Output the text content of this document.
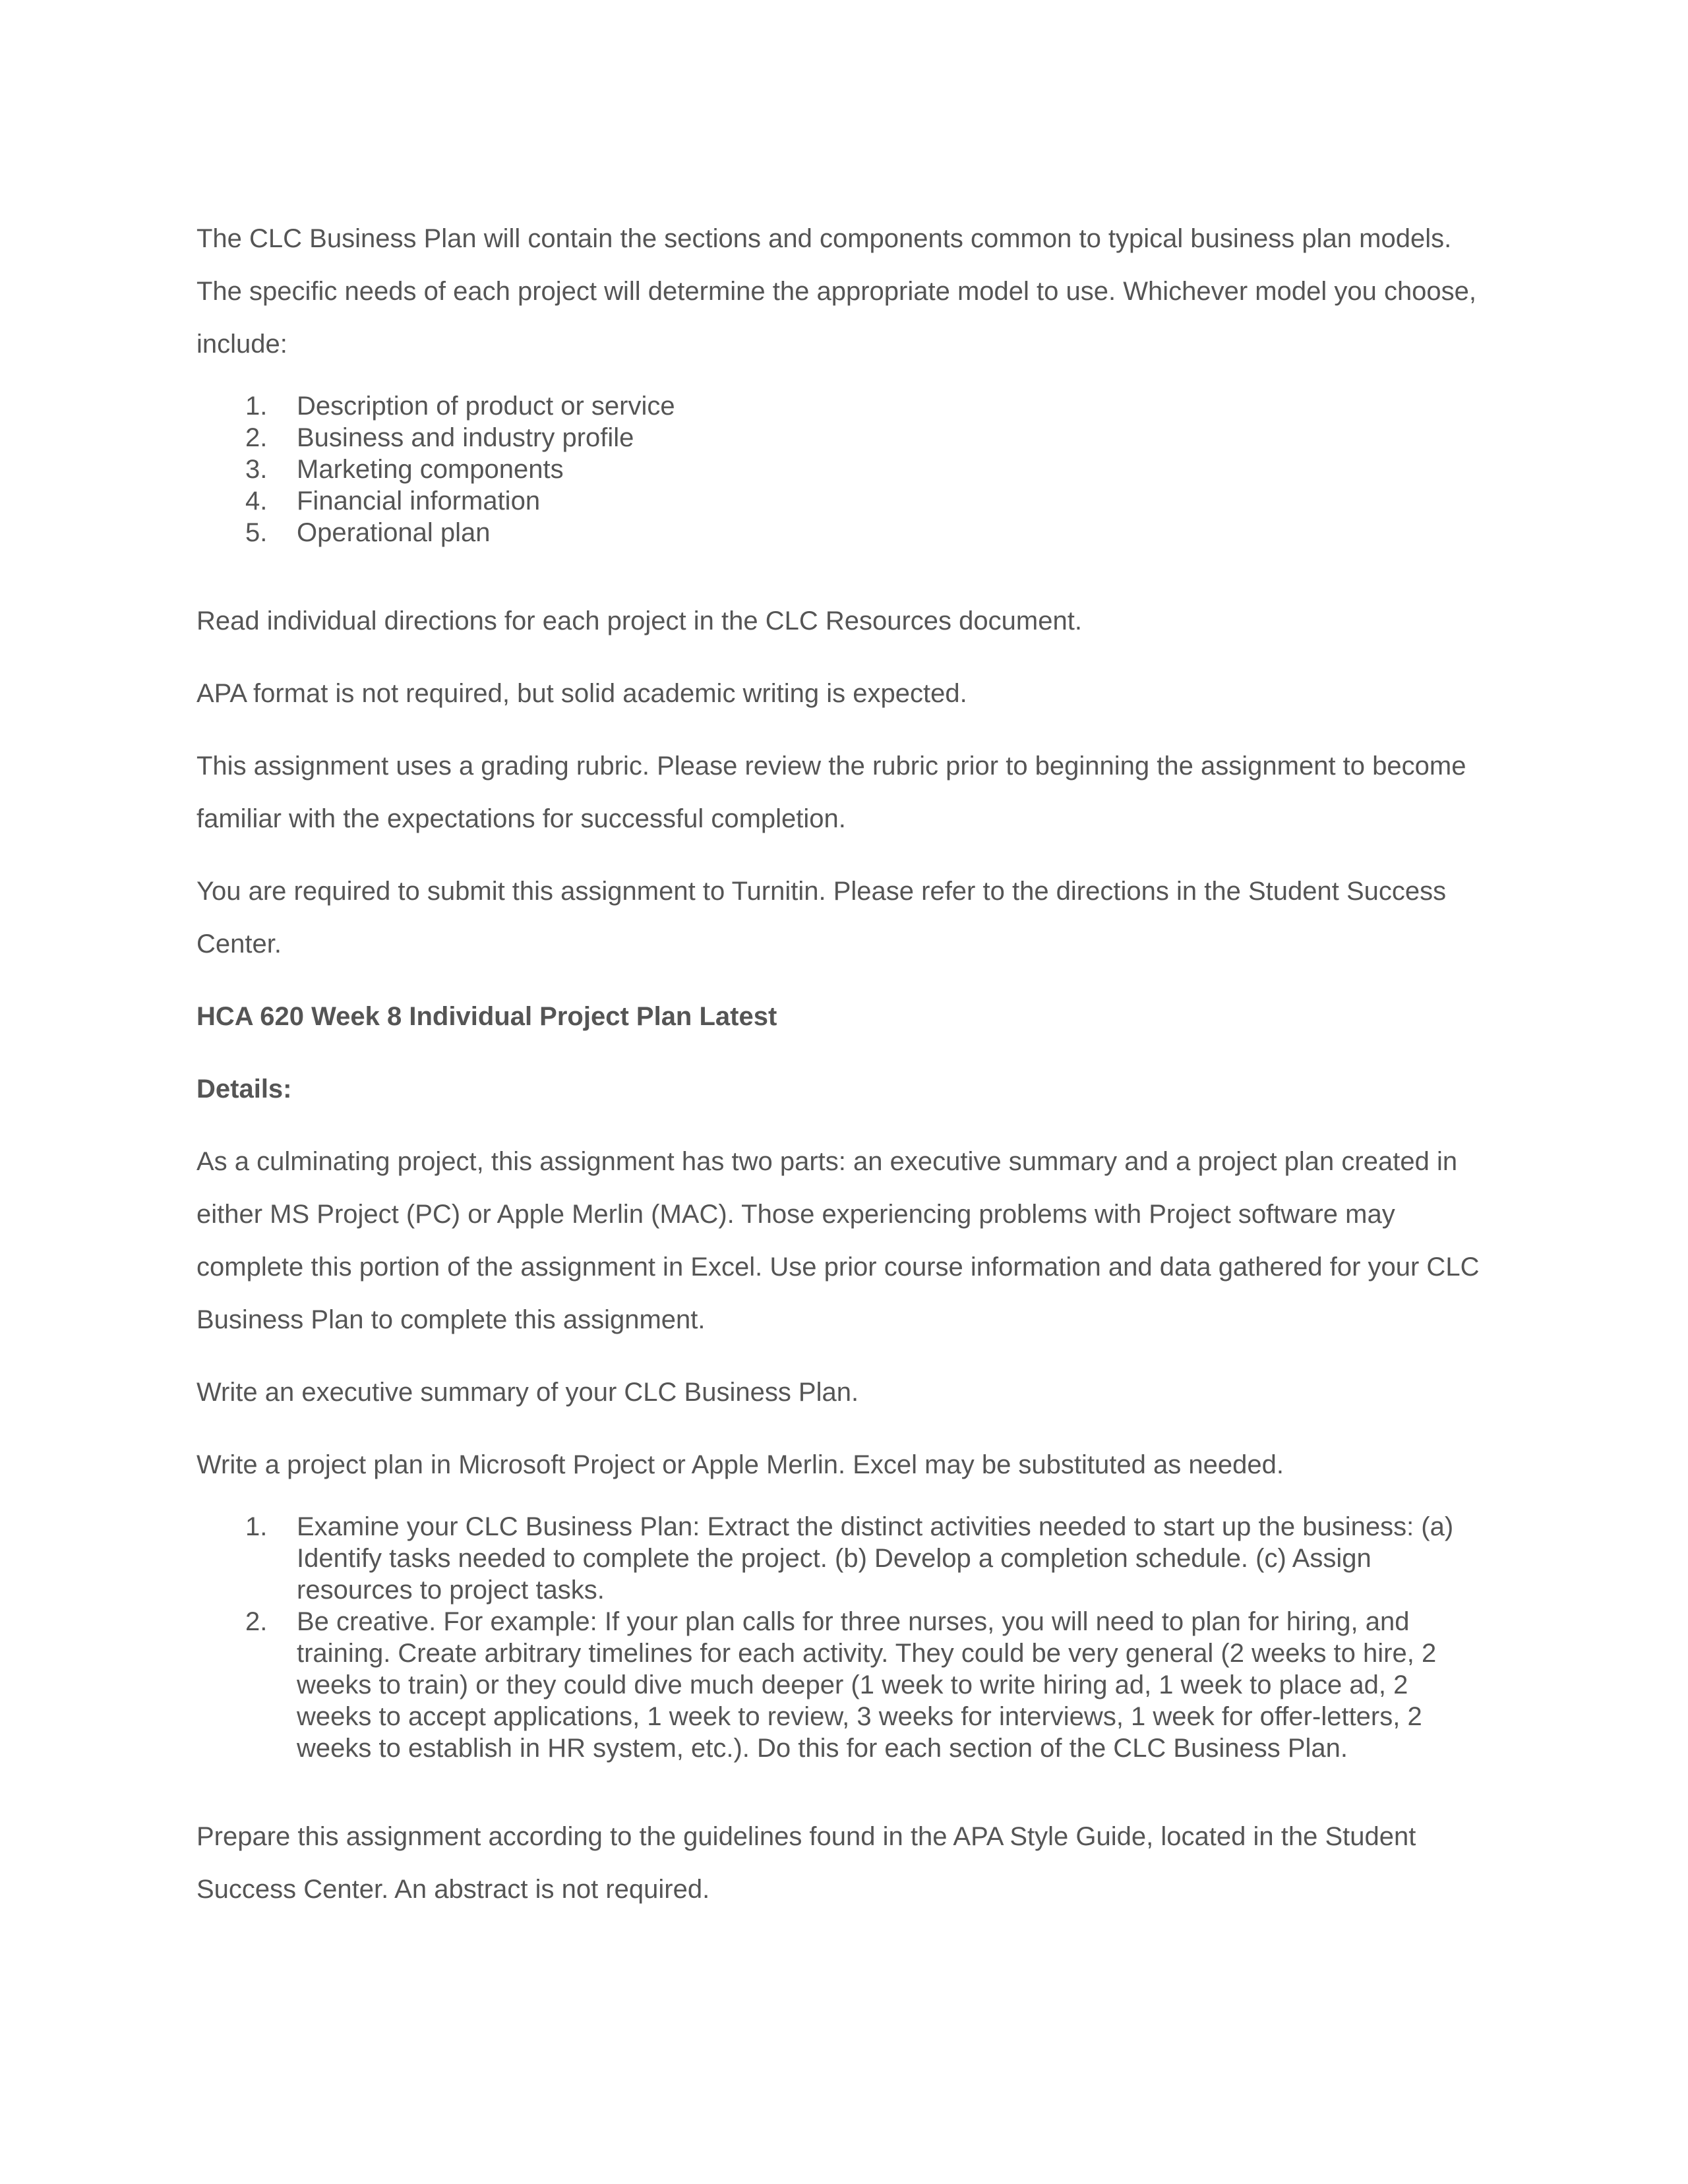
The CLC Business Plan will contain the sections and components common to typical business plan models. The specific needs of each project will determine the appropriate model to use. Whichever model you choose, include:

1. Description of product or service
2. Business and industry profile
3. Marketing components
4. Financial information
5. Operational plan

Read individual directions for each project in the CLC Resources document.

APA format is not required, but solid academic writing is expected.

This assignment uses a grading rubric. Please review the rubric prior to beginning the assignment to become familiar with the expectations for successful completion.

You are required to submit this assignment to Turnitin. Please refer to the directions in the Student Success Center.

HCA 620 Week 8 Individual Project Plan Latest

Details:

As a culminating project, this assignment has two parts: an executive summary and a project plan created in either MS Project (PC) or Apple Merlin (MAC). Those experiencing problems with Project software may complete this portion of the assignment in Excel. Use prior course information and data gathered for your CLC Business Plan to complete this assignment.

Write an executive summary of your CLC Business Plan.

Write a project plan in Microsoft Project or Apple Merlin. Excel may be substituted as needed.

1. Examine your CLC Business Plan: Extract the distinct activities needed to start up the business: (a) Identify tasks needed to complete the project. (b) Develop a completion schedule. (c) Assign resources to project tasks.
2. Be creative. For example: If your plan calls for three nurses, you will need to plan for hiring, and training. Create arbitrary timelines for each activity. They could be very general (2 weeks to hire, 2 weeks to train) or they could dive much deeper (1 week to write hiring ad, 1 week to place ad, 2 weeks to accept applications, 1 week to review, 3 weeks for interviews, 1 week for offer-letters, 2 weeks to establish in HR system, etc.). Do this for each section of the CLC Business Plan.

Prepare this assignment according to the guidelines found in the APA Style Guide, located in the Student Success Center. An abstract is not required.
